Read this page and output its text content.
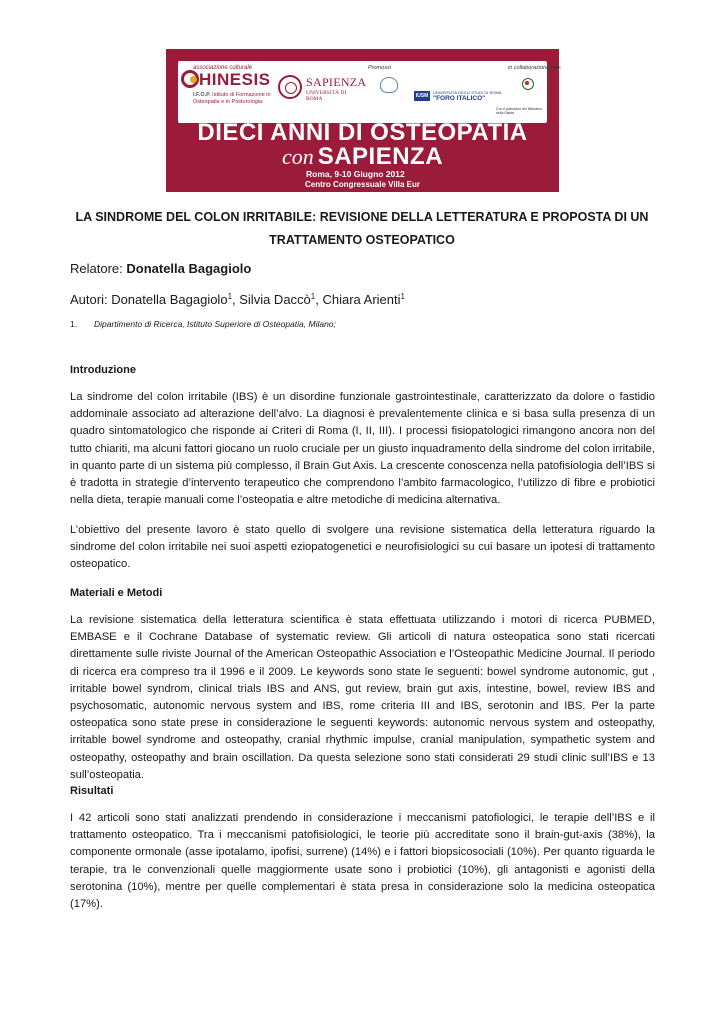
associazione culturale
HINESIS
I.F.O.P. Istituto di Formazione in Osteopatia e in Posturologia
SAPIENZA
UNIVERSITÀ DI ROMA
Promossi
IUSM
UNIVERSITÀ DEGLI STUDI DI ROMA
"FORO ITALICO"
in collaborazione con:
Con il patrocinio del Ministero della Salute
DIECI ANNI DI OSTEOPATIA
con SAPIENZA
Roma, 9-10 Giugno 2012
Centro Congressuale Villa Eur
LA SINDROME DEL COLON IRRITABILE: REVISIONE DELLA LETTERATURA E PROPOSTA DI UN TRATTAMENTO OSTEOPATICO
Relatore: Donatella Bagagiolo
Autori: Donatella Bagagiolo$^1$, Silvia Daccò$^1$, Chiara Arienti$^1$
1. Dipartimento di Ricerca, Istituto Superiore di Osteopatia, Milano;
Introduzione

La sindrome del colon irritabile (IBS) è un disordine funzionale gastrointestinale, caratterizzato da dolore o fastidio addominale associato ad alterazione dell’alvo. La diagnosi è prevalentemente clinica e si basa sulla presenza di un quadro sintomatologico che risponde ai Criteri di Roma (I, II, III). I processi fisiopatologici rimangono ancora non del tutto chiariti, ma alcuni fattori giocano un ruolo cruciale per un giusto inquadramento della sindrome del colon irritabile, in quanto parte di un sistema più complesso, il Brain Gut Axis. La crescente conoscenza nella patofisiologia dell’IBS si è tradotta in strategie d’intervento terapeutico che comprendono l’ambito farmacologico, l’utilizzo di fibre e probiotici nella dieta, terapie manuali come l’osteopatia e altre metodiche di medicina alternativa.

L’obiettivo del presente lavoro è stato quello di svolgere una revisione sistematica della letteratura riguardo la sindrome del colon irritabile nei suoi aspetti eziopatogenetici e neurofisiologici su cui basare un ipotesi di trattamento osteopatico.

Materiali e Metodi

La revisione sistematica della letteratura scientifica è stata effettuata utilizzando i motori di ricerca PUBMED, EMBASE e il Cochrane Database of systematic review. Gli articoli di natura osteopatica sono stati ricercati direttamente sulle riviste Journal of the American Osteopathic Association e l’Osteopathic Medicine Journal. Il periodo di ricerca era compreso tra il 1996 e il 2009. Le keywords sono state le seguenti: bowel syndrome autonomic, gut , irritable bowel syndrom, clinical trials IBS and ANS, gut review, brain gut axis, intestine, bowel, review IBS and psychosomatic, autonomic nervous system and IBS, rome criteria III and IBS, serotonin and IBS. Per la parte osteopatica sono state prese in considerazione le seguenti keywords: autonomic nervous system and osteopathy, irritable bowel syndrome and osteopathy, cranial rhythmic impulse, cranial manipulation, sympathetic system and osteopathy, osteopathy and brain oscillation. Da questa selezione sono stati considerati 29 studi clinic sull’IBS e 13 sull’osteopatia.

Risultati

I 42 articoli sono stati analizzati prendendo in considerazione i meccanismi patofiologici, le terapie dell’IBS e il trattamento osteopatico. Tra i meccanismi patofisiologici, le teorie più accreditate sono il brain-gut-axis (38%), la componente ormonale (asse ipotalamo, ipofisi, surrene) (14%) e i fattori biopsicosociali (10%). Per quanto riguarda le terapie, tra le convenzionali quelle maggiormente usate sono i probiotici (10%), gli antagonisti e agonisti della serotonina (10%), mentre per quelle complementari è stata presa in considerazione solo la medicina osteopatica (17%).
